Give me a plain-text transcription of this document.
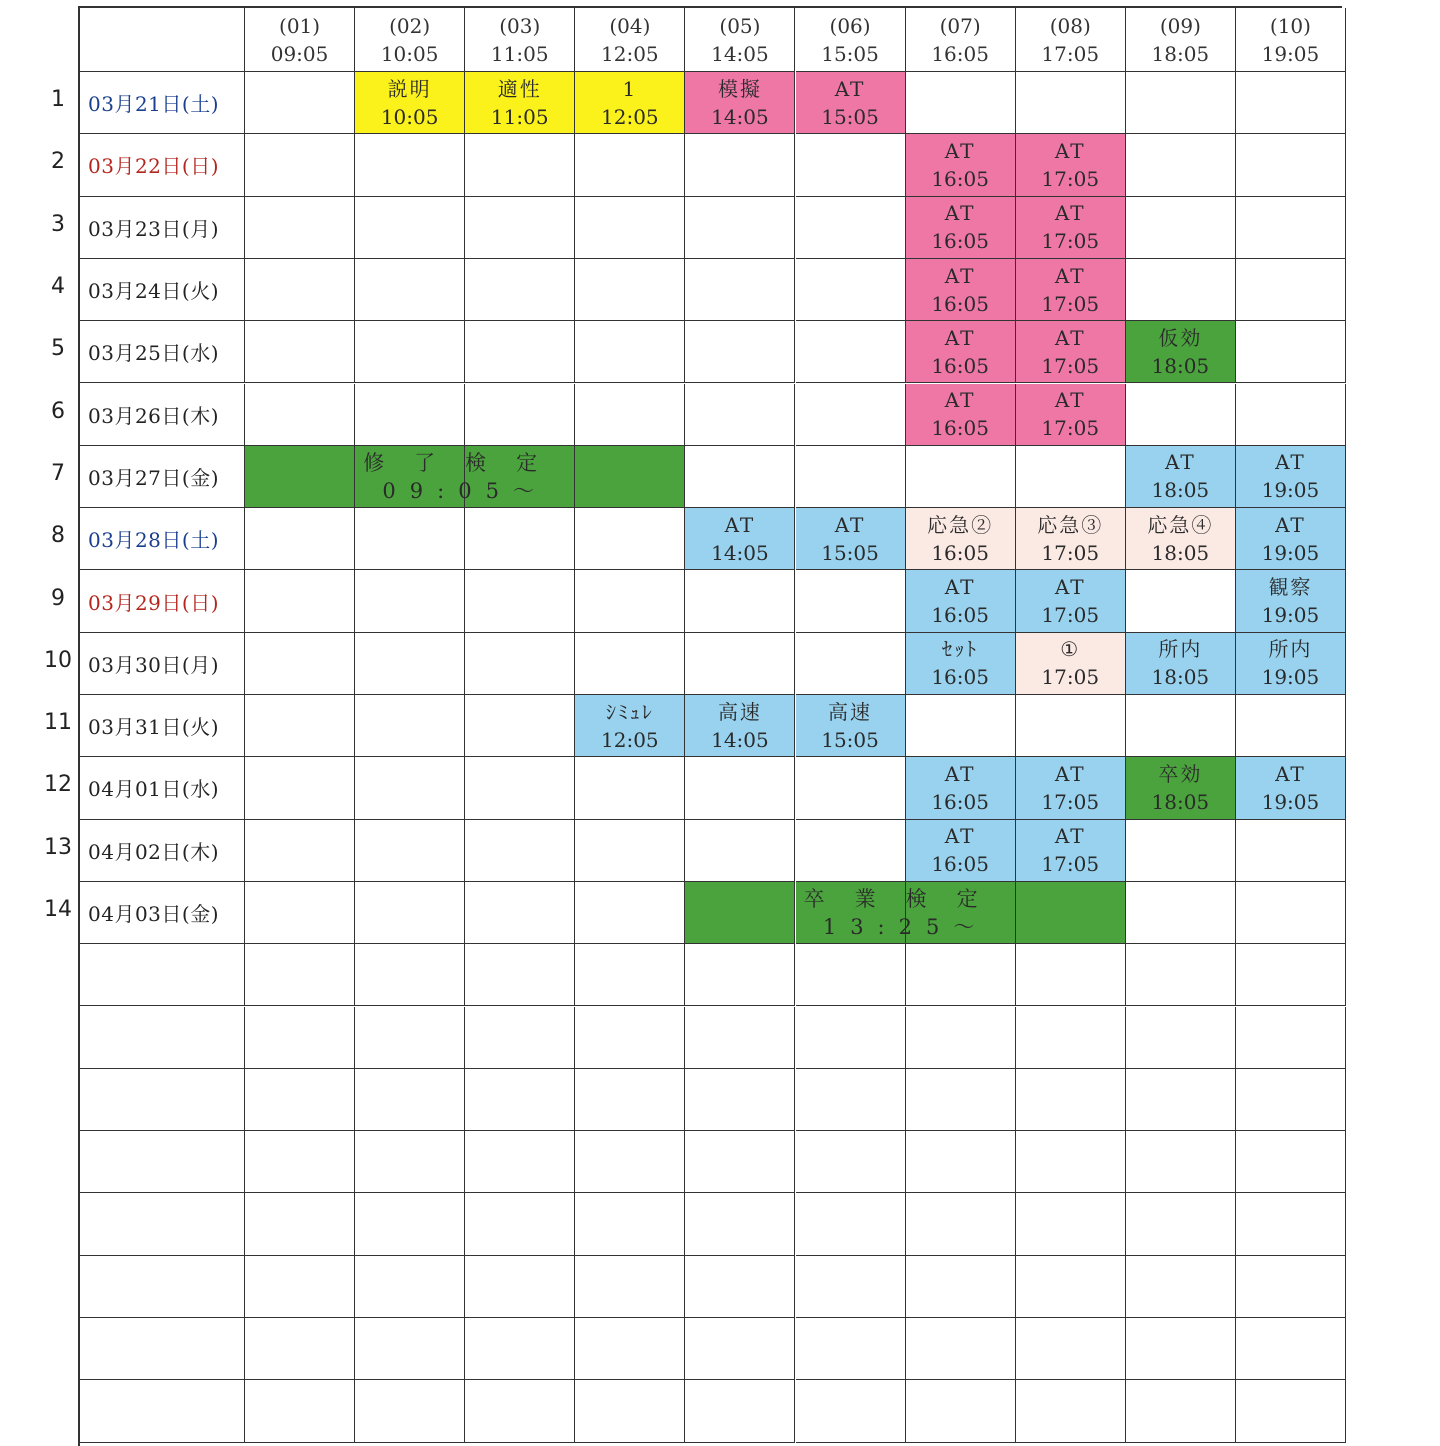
(01)
09:05
(02)
10:05
(03)
11:05
(04)
12:05
(05)
14:05
(06)
15:05
(07)
16:05
(08)
17:05
(09)
18:05
(10)
19:05
03月21日(土)
03月22日(日)
03月23日(月)
03月24日(火)
03月25日(水)
03月26日(木)
03月27日(金)
03月28日(土)
03月29日(日)
03月30日(月)
03月31日(火)
04月01日(水)
04月02日(木)
04月03日(金)
説明
10:05
適性
11:05
1
12:05
模擬
14:05
AT
15:05
AT
16:05
AT
17:05
AT
16:05
AT
17:05
AT
16:05
AT
17:05
AT
16:05
AT
17:05
仮効
18:05
AT
16:05
AT
17:05
AT
18:05
AT
19:05
AT
14:05
AT
15:05
応急②
16:05
応急③
17:05
応急④
18:05
AT
19:05
AT
16:05
AT
17:05
観察
19:05
ｾｯﾄ
16:05
①
17:05
所内
18:05
所内
19:05
ｼﾐｭﾚ
12:05
高速
14:05
高速
15:05
AT
16:05
AT
17:05
卒効
18:05
AT
19:05
AT
16:05
AT
17:05
修了検定
09:05～
卒業検定
13:25～
1
2
3
4
5
6
7
8
9
10
11
12
13
14
